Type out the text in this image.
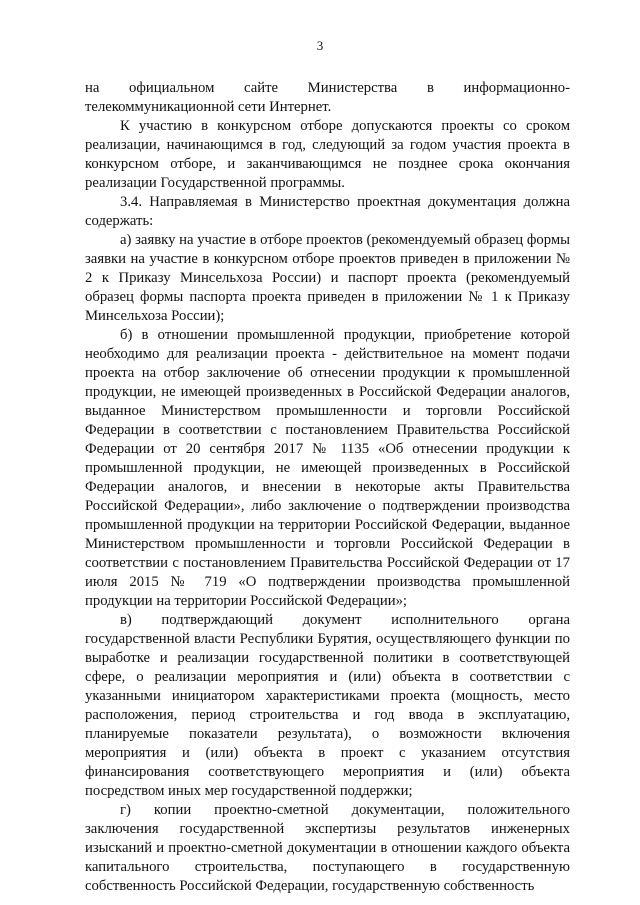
3

на официальном сайте Министерства в информационно-телекоммуникационной сети Интернет.

К участию в конкурсном отборе допускаются проекты со сроком реализации, начинающимся в год, следующий за годом участия проекта в конкурсном отборе, и заканчивающимся не позднее срока окончания реализации Государственной программы.

3.4. Направляемая в Министерство проектная документация должна содержать:

а) заявку на участие в отборе проектов (рекомендуемый образец формы заявки на участие в конкурсном отборе проектов приведен в приложении № 2 к Приказу Минсельхоза России) и паспорт проекта (рекомендуемый образец формы паспорта проекта приведен в приложении № 1 к Приказу Минсельхоза России);

б) в отношении промышленной продукции, приобретение которой необходимо для реализации проекта - действительное на момент подачи проекта на отбор заключение об отнесении продукции к промышленной продукции, не имеющей произведенных в Российской Федерации аналогов, выданное Министерством промышленности и торговли Российской Федерации в соответствии с постановлением Правительства Российской Федерации от 20 сентября 2017 № 1135 «Об отнесении продукции к промышленной продукции, не имеющей произведенных в Российской Федерации аналогов, и внесении в некоторые акты Правительства Российской Федерации», либо заключение о подтверждении производства промышленной продукции на территории Российской Федерации, выданное Министерством промышленности и торговли Российской Федерации в соответствии с постановлением Правительства Российской Федерации от 17 июля 2015 № 719 «О подтверждении производства промышленной продукции на территории Российской Федерации»;

в) подтверждающий документ исполнительного органа государственной власти Республики Бурятия, осуществляющего функции по выработке и реализации государственной политики в соответствующей сфере, о реализации мероприятия и (или) объекта в соответствии с указанными инициатором характеристиками проекта (мощность, место расположения, период строительства и год ввода в эксплуатацию, планируемые показатели результата), о возможности включения мероприятия и (или) объекта в проект с указанием отсутствия финансирования соответствующего мероприятия и (или) объекта посредством иных мер государственной поддержки;

г) копии проектно-сметной документации, положительного заключения государственной экспертизы результатов инженерных изысканий и проектно-сметной документации в отношении каждого объекта капитального строительства, поступающего в государственную собственность Российской Федерации, государственную собственность
